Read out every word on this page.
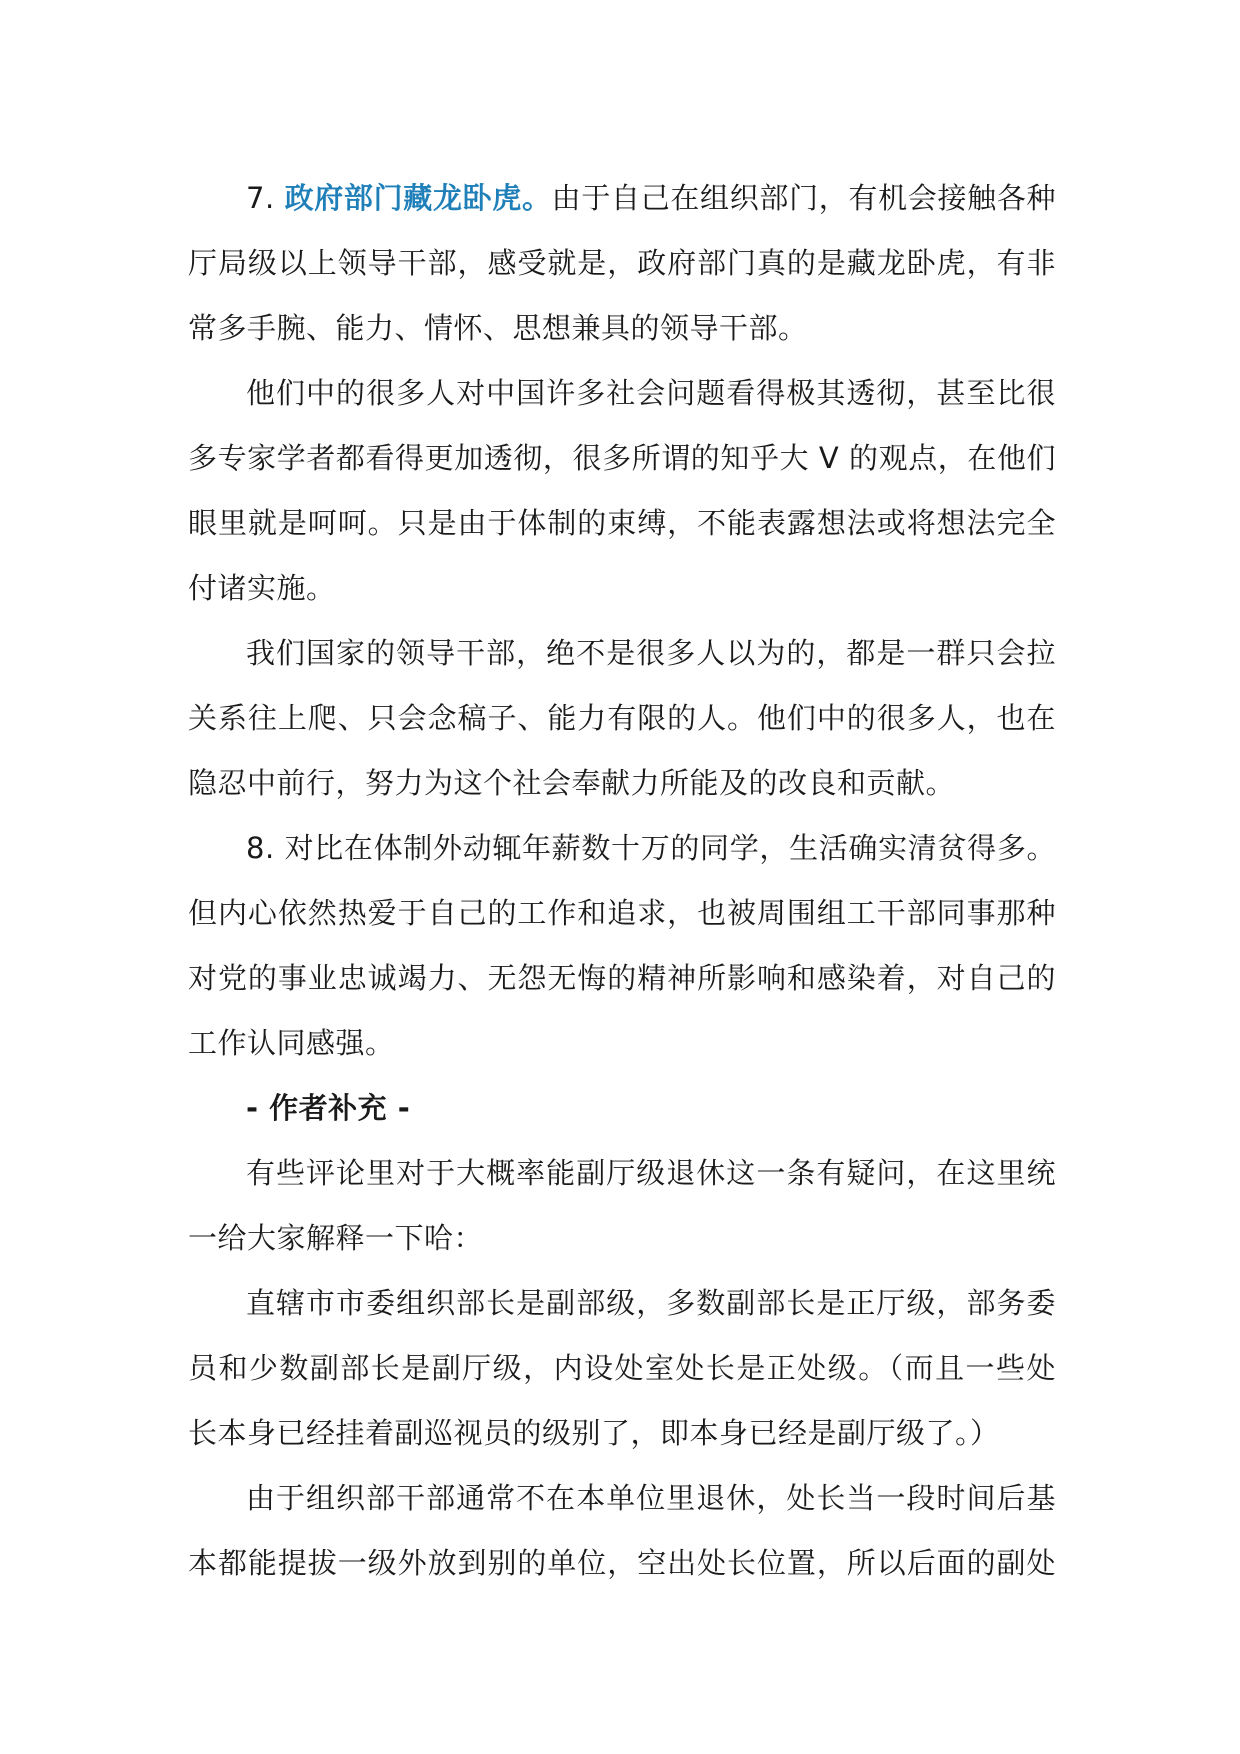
7. 政府部门藏龙卧虎。由于自己在组织部门，有机会接触各种
厅局级以上领导干部，感受就是，政府部门真的是藏龙卧虎，有非
常多手腕、能力、情怀、思想兼具的领导干部。
他们中的很多人对中国许多社会问题看得极其透彻，甚至比很
多专家学者都看得更加透彻，很多所谓的知乎大 V 的观点，在他们
眼里就是呵呵。只是由于体制的束缚，不能表露想法或将想法完全
付诸实施。
我们国家的领导干部，绝不是很多人以为的，都是一群只会拉
关系往上爬、只会念稿子、能力有限的人。他们中的很多人，也在
隐忍中前行，努力为这个社会奉献力所能及的改良和贡献。
8. 对比在体制外动辄年薪数十万的同学，生活确实清贫得多。
但内心依然热爱于自己的工作和追求，也被周围组工干部同事那种
对党的事业忠诚竭力、无怨无悔的精神所影响和感染着，对自己的
工作认同感强。
- 作者补充 -
有些评论里对于大概率能副厅级退休这一条有疑问，在这里统
一给大家解释一下哈：
直辖市市委组织部长是副部级，多数副部长是正厅级，部务委
员和少数副部长是副厅级，内设处室处长是正处级。（而且一些处
长本身已经挂着副巡视员的级别了，即本身已经是副厅级了。）
由于组织部干部通常不在本单位里退休，处长当一段时间后基
本都能提拔一级外放到别的单位，空出处长位置，所以后面的副处
